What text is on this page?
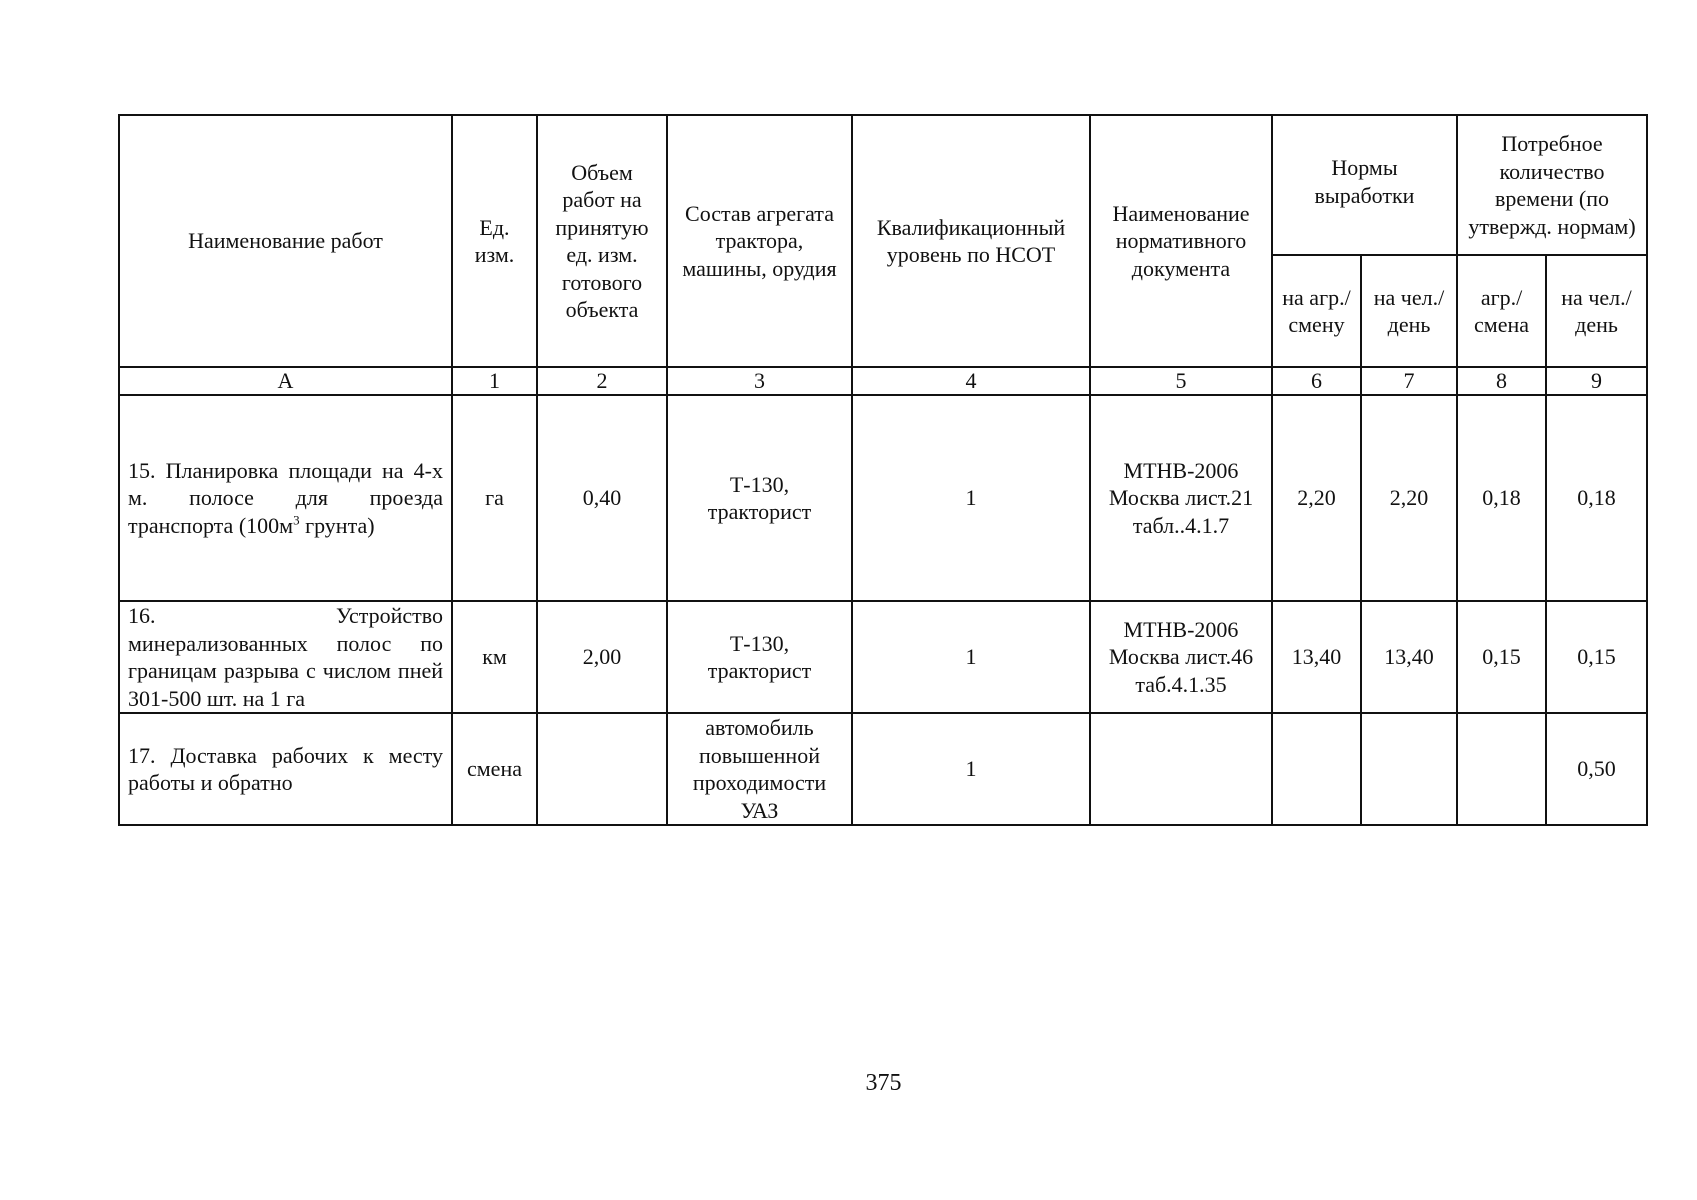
Наименование работ	Ед. изм.	Объем работ на принятую ед. изм. готового объекта	Состав агрегата трактора, машины, орудия	Квалификационный уровень по НСОТ	Наименование нормативного документа	Нормы выработки		Потребное количество времени (по утвержд. нормам)	
						на агр./ смену	на чел./ день	агр./ смена	на чел./ день
А	1	2	3	4	5	6	7	8	9
15. Планировка площади на 4-х м. полосе для проезда транспорта ($100м^3$ грунта)	га	0,40	Т-130, тракторист	1	МТНВ-2006 Москва лист.21 табл..4.1.7	2,20	2,20	0,18	0,18
16. Устройство минерализованных полос по границам разрыва с числом пней 301-500 шт. на 1 га	км	2,00	Т-130, тракторист	1	МТНВ-2006 Москва лист.46 таб.4.1.35	13,40	13,40	0,15	0,15
17. Доставка рабочих к месту работы и обратно	смена		автомобиль повышенной проходимости УАЗ	1					0,50
375
